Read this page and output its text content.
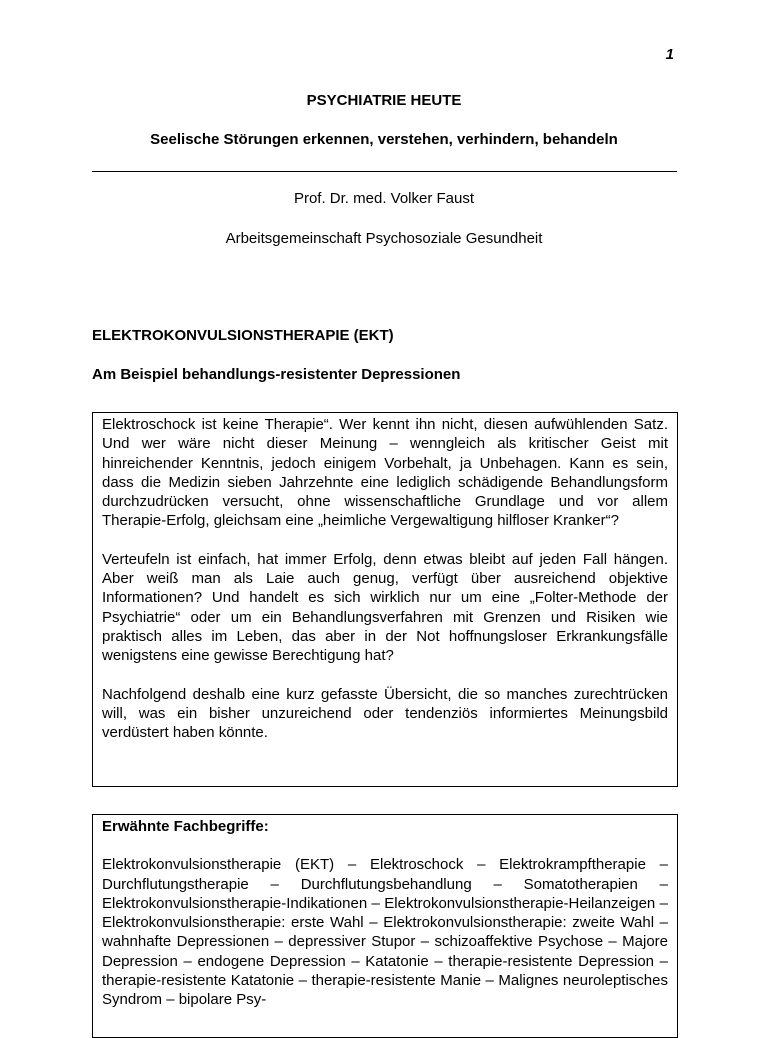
1
PSYCHIATRIE HEUTE
Seelische Störungen erkennen, verstehen, verhindern, behandeln
Prof. Dr. med. Volker Faust
Arbeitsgemeinschaft Psychosoziale Gesundheit
ELEKTROKONVULSIONSTHERAPIE (EKT)
Am Beispiel behandlungs-resistenter Depressionen

Elektroschock ist keine Therapie“. Wer kennt ihn nicht, diesen aufwühlenden Satz. Und wer wäre nicht dieser Meinung – wenngleich als kritischer Geist mit hinreichender Kenntnis, jedoch einigem Vorbehalt, ja Unbehagen. Kann es sein, dass die Medizin sieben Jahrzehnte eine lediglich schädigende Behandlungsform durchzudrücken versucht, ohne wissenschaftliche Grundlage und vor allem Therapie-Erfolg, gleichsam eine „heimliche Vergewaltigung hilfloser Kranker“?

Verteufeln ist einfach, hat immer Erfolg, denn etwas bleibt auf jeden Fall hängen. Aber weiß man als Laie auch genug, verfügt über ausreichend objektive Informationen? Und handelt es sich wirklich nur um eine „Folter-Methode der Psychiatrie“ oder um ein Behandlungsverfahren mit Grenzen und Risiken wie praktisch alles im Leben, das aber in der Not hoffnungsloser Erkrankungsfälle wenigstens eine gewisse Berechtigung hat?

Nachfolgend deshalb eine kurz gefasste Übersicht, die so manches zurechtrücken will, was ein bisher unzureichend oder tendenziös informiertes Meinungsbild verdüstert haben könnte.

Erwähnte Fachbegriffe:

Elektrokonvulsionstherapie (EKT) – Elektroschock – Elektrokrampftherapie – Durchflutungstherapie – Durchflutungsbehandlung – Somatotherapien – Elektrokonvulsionstherapie-Indikationen – Elektrokonvulsionstherapie-Heilanzeigen – Elektrokonvulsionstherapie: erste Wahl – Elektrokonvulsionstherapie: zweite Wahl – wahnhafte Depressionen – depressiver Stupor – schizoaffektive Psychose – Majore Depression – endogene Depression – Katatonie – therapie-resistente Depression – therapie-resistente Katatonie – therapie-resistente Manie – Malignes neuroleptisches Syndrom – bipolare Psy-
